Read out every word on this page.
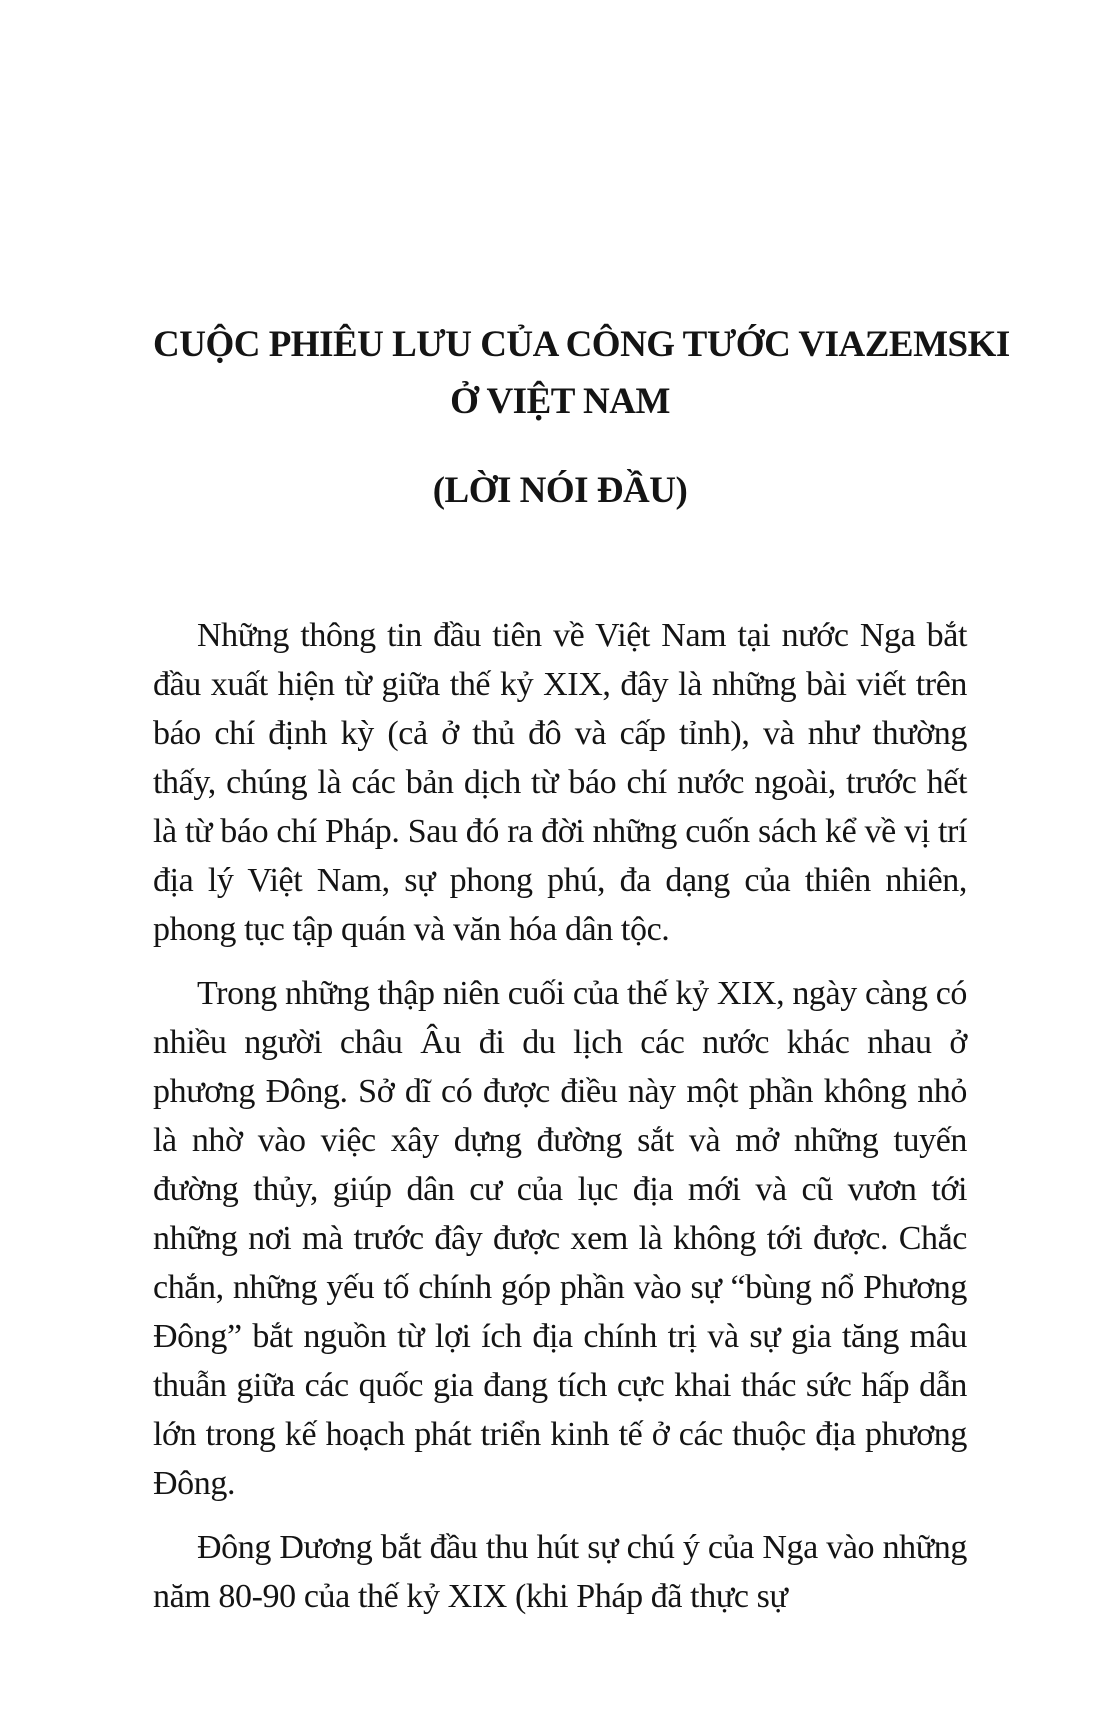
CUỘC PHIÊU LƯU CỦA CÔNG TƯỚC VIAZEMSKI
Ở VIỆT NAM
(LỜI NÓI ĐẦU)

Những thông tin đầu tiên về Việt Nam tại nước Nga bắt đầu xuất hiện từ giữa thế kỷ XIX, đây là những bài viết trên báo chí định kỳ (cả ở thủ đô và cấp tỉnh), và như thường thấy, chúng là các bản dịch từ báo chí nước ngoài, trước hết là từ báo chí Pháp. Sau đó ra đời những cuốn sách kể về vị trí địa lý Việt Nam, sự phong phú, đa dạng của thiên nhiên, phong tục tập quán và văn hóa dân tộc.

Trong những thập niên cuối của thế kỷ XIX, ngày càng có nhiều người châu Âu đi du lịch các nước khác nhau ở phương Đông. Sở dĩ có được điều này một phần không nhỏ là nhờ vào việc xây dựng đường sắt và mở những tuyến đường thủy, giúp dân cư của lục địa mới và cũ vươn tới những nơi mà trước đây được xem là không tới được. Chắc chắn, những yếu tố chính góp phần vào sự “bùng nổ Phương Đông” bắt nguồn từ lợi ích địa chính trị và sự gia tăng mâu thuẫn giữa các quốc gia đang tích cực khai thác sức hấp dẫn lớn trong kế hoạch phát triển kinh tế ở các thuộc địa phương Đông.

Đông Dương bắt đầu thu hút sự chú ý của Nga vào những năm 80-90 của thế kỷ XIX (khi Pháp đã thực sự
